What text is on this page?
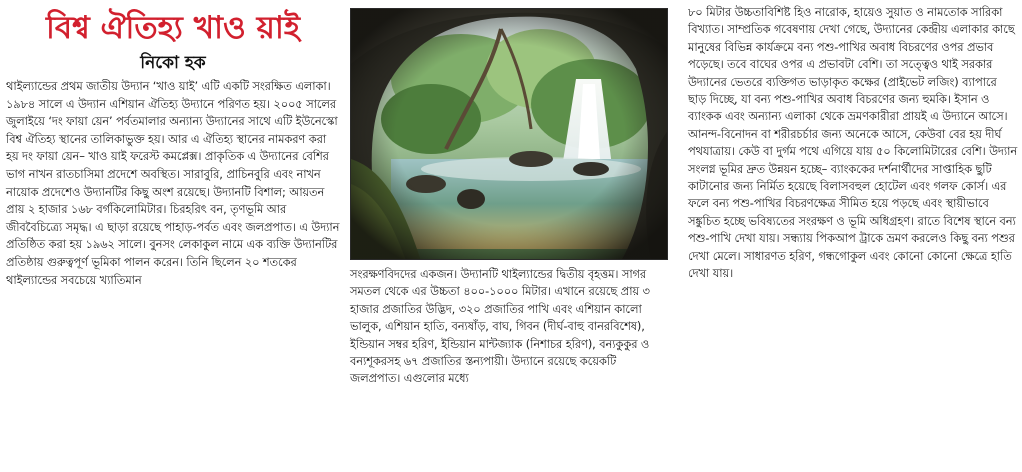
বিশ্ব ঐতিহ্য খাও য়াই
নিকো হক

থাইল্যান্ডের প্রথম জাতীয় উদ্যান ‘খাও য়াই’ এটি একটি সংরক্ষিত এলাকা। ১৯৮৪ সালে এ উদ্যান এশিয়ান ঐতিহ্য উদ্যানে পরিণত হয়। ২০০৫ সালের জুলাইয়ে ‘দং ফায়া য়েন’ পর্বতমালার অন্যান্য উদ্যানের সাথে এটি ইউনেস্কো বিশ্ব ঐতিহ্য স্থানের তালিকাভুক্ত হয়। আর এ ঐতিহ্য স্থানের নামকরণ করা হয় দং ফায়া য়েন– খাও য়াই ফরেস্ট কমপ্লেক্স। প্রাকৃতিক এ উদ্যানের বেশির ভাগ নাখন রাতচাসিমা প্রদেশে অবস্থিত। সারাবুরি, প্রাচিনবুরি এবং নাখন নায়োক প্রদেশেও উদ্যানটির কিছু অংশ রয়েছে। উদ্যানটি বিশাল; আয়তন প্রায় ২ হাজার ১৬৮ বর্গকিলোমিটার। চিরহরিৎ বন, তৃণভূমি আর জীববৈচিত্র্যে সমৃদ্ধ। এ ছাড়া রয়েছে পাহাড়-পর্বত এবং জলপ্রপাত। এ উদ্যান প্রতিষ্ঠিত করা হয় ১৯৬২ সালে। বুনসং লেকাকুল নামে এক ব্যক্তি উদ্যানটির প্রতিষ্ঠায় গুরুত্বপূর্ণ ভূমিকা পালন করেন। তিনি ছিলেন ২০ শতকের থাইল্যান্ডের সবচেয়ে খ্যাতিমান	সংরক্ষণবিদদের একজন। উদ্যানটি থাইল্যান্ডের দ্বিতীয় বৃহত্তম। সাগর সমতল থেকে এর উচ্চতা ৪০০-১০০০ মিটার। এখানে রয়েছে প্রায় ৩ হাজার প্রজাতির উদ্ভিদ, ৩২০ প্রজাতির পাখি এবং এশিয়ান কালো ভালুক, এশিয়ান হাতি, বন্যষাঁড়, বাঘ, গিবন (দীর্ঘ-বাহু বানরবিশেষ), ইন্ডিয়ান সম্বর হরিণ, ইন্ডিয়ান মান্টজ্যাক (নিশাচর হরিণ), বন্যকুকুর ও বন্যশূকরসহ ৬৭ প্রজাতির স্তন্যপায়ী। উদ্যানে রয়েছে কয়েকটি জলপ্রপাত। এগুলোর মধ্যে

৮০ মিটার উচ্চতাবিশিষ্ট হিও নারোক, হায়েও সুয়াত ও নামতোক সারিকা বিখ্যাত। সাম্প্রতিক গবেষণায় দেখা গেছে, উদ্যানের কেন্দ্রীয় এলাকার কাছে মানুষের বিভিন্ন কার্যক্রমে বন্য পশু-পাখির অবাধ বিচরণের ওপর প্রভাব পড়েছে। তবে বাঘের ওপর এ প্রভাবটা বেশি। তা সত্ত্বেও থাই সরকার উদ্যানের ভেতরে ব্যক্তিগত ভাড়াকৃত কক্ষের (প্রাইভেট লজিং) ব্যাপারে ছাড় দিচ্ছে, যা বন্য পশু-পাখির অবাধ বিচরণের জন্য হুমকি। ইসান ও ব্যাংকক এবং অন্যান্য এলাকা থেকে ভ্রমণকারীরা প্রায়ই এ উদ্যানে আসে। আনন্দ-বিনোদন বা শরীরচর্চার জন্য অনেকে আসে, কেউবা বের হয় দীর্ঘ পথযাত্রায়। কেউ বা দুর্গম পথে এগিয়ে যায় ৫০ কিলোমিটারের বেশি। উদ্যান সংলগ্ন ভূমির দ্রুত উন্নয়ন হচ্ছে– ব্যাংককের দর্শনার্থীদের সাপ্তাহিক ছুটি কাটানোর জন্য নির্মিত হয়েছে বিলাসবহুল হোটেল এবং গলফ কোর্স। এর ফলে বন্য পশু-পাখির বিচরণক্ষেত্র সীমিত হয়ে পড়ছে এবং স্থায়ীভাবে সঙ্কুচিত হচ্ছে ভবিষ্যতের সংরক্ষণ ও ভূমি অধিগ্রহণ। রাতে বিশেষ স্থানে বন্য পশু-পাখি দেখা যায়। সন্ধ্যায় পিকআপ ট্রাকে ভ্রমণ করলেও কিছু বন্য পশুর দেখা মেলে। সাধারণত হরিণ, গন্ধগোকুল এবং কোনো কোনো ক্ষেত্রে হাতি দেখা যায়।
